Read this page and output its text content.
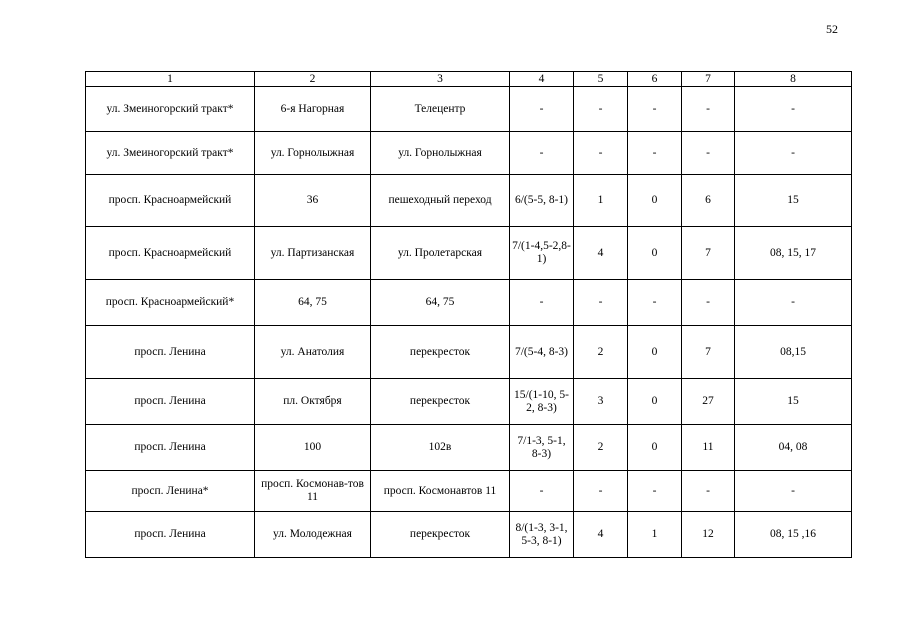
52
1	2	3	4	5	6	7	8
ул. Змеиногорский тракт*	6-я Нагорная	Телецентр	-	-	-	-	-
ул. Змеиногорский тракт*	ул. Горнолыжная	ул. Горнолыжная	-	-	-	-	-
просп. Красноармейский	36	пешеходный переход	6/(5-5, 8-1)	1	0	6	15
просп. Красноармейский	ул. Партизанская	ул. Пролетарская	7/(1-4,5-2,8-1)	4	0	7	08, 15, 17
просп. Красноармейский*	64, 75	64, 75	-	-	-	-	-
просп. Ленина	ул. Анатолия	перекресток	7/(5-4, 8-3)	2	0	7	08,15
просп. Ленина	пл. Октября	перекресток	15/(1-10, 5-2, 8-3)	3	0	27	15
просп. Ленина	100	102в	7/1-3, 5-1, 8-3)	2	0	11	04, 08
просп. Ленина*	просп. Космонав-тов 11	просп. Космонавтов 11	-	-	-	-	-
просп. Ленина	ул. Молодежная	перекресток	8/(1-3, 3-1, 5-3, 8-1)	4	1	12	08, 15 ,16
